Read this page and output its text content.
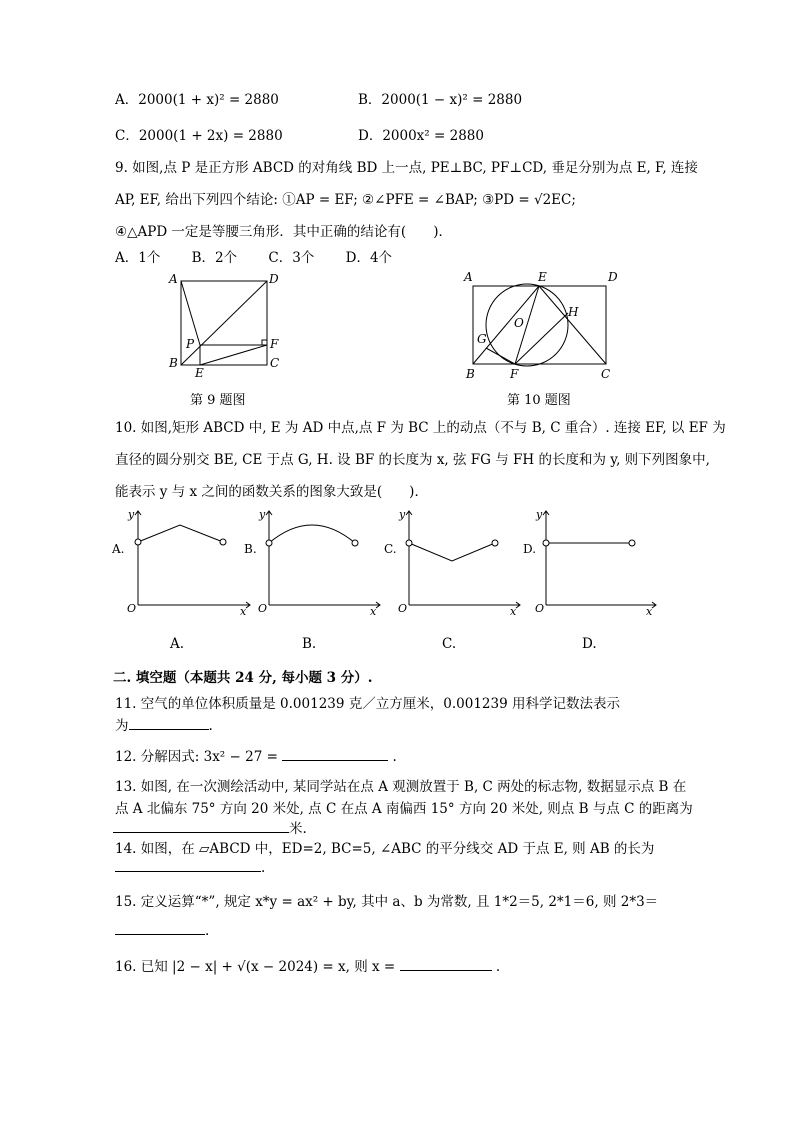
A．2000(1 + x)² = 2880	B．2000(1 − x)² = 2880
C．2000(1 + 2x) = 2880	D．2000x² = 2880
9. 如图,点 P 是正方形 ABCD 的对角线 BD 上一点, PE⊥BC, PF⊥CD, 垂足分别为点 E, F, 连接
AP, EF, 给出下列四个结论: ①AP = EF; ②∠PFE = ∠BAP; ③PD = √2EC;
④△APD 一定是等腰三角形．其中正确的结论有(　　)．
A．1个　　 B．2个　　 C．3个　　 D．4个
A	D
P	F
B
E
C
第 9 题图
A	E	D
O
H
G
B	F	C
第 10 题图
10. 如图,矩形 ABCD 中, E 为 AD 中点,点 F 为 BC 上的动点（不与 B, C 重合）. 连接 EF, 以 EF 为
直径的圆分别交 BE, CE 于点 G, H. 设 BF 的长度为 x, 弦 FG 与 FH 的长度和为 y, 则下列图象中,
能表示 y 与 x 之间的函数关系的图象大致是(　　)．
y
x
O
A.
y
x
O
B.
y
x
O
C.
y
x
O
D.
A.	B.	C.	D.
二. 填空题（本题共 24 分, 每小题 3 分）.
11. 空气的单位体积质量是 0.001239 克／立方厘米，0.001239 用科学记数法表示
为	.
12. 分解因式: 3x² − 27 =	.
13. 如图, 在一次测绘活动中, 某同学站在点 A 观测放置于 B, C 两处的标志物, 数据显示点 B 在
点 A 北偏东 75° 方向 20 米处, 点 C 在点 A 南偏西 15° 方向 20 米处, 则点 B 与点 C 的距离为
米.
14. 如图，在 ▱ABCD 中，ED=2, BC=5, ∠ABC 的平分线交 AD 于点 E, 则 AB 的长为
.
15. 定义运算“*”, 规定 x*y = ax² + by, 其中 a、b 为常数, 且 1*2＝5, 2*1＝6, 则 2*3＝
.
16. 已知 |2 − x| + √(x − 2024) = x, 则 x =	.
